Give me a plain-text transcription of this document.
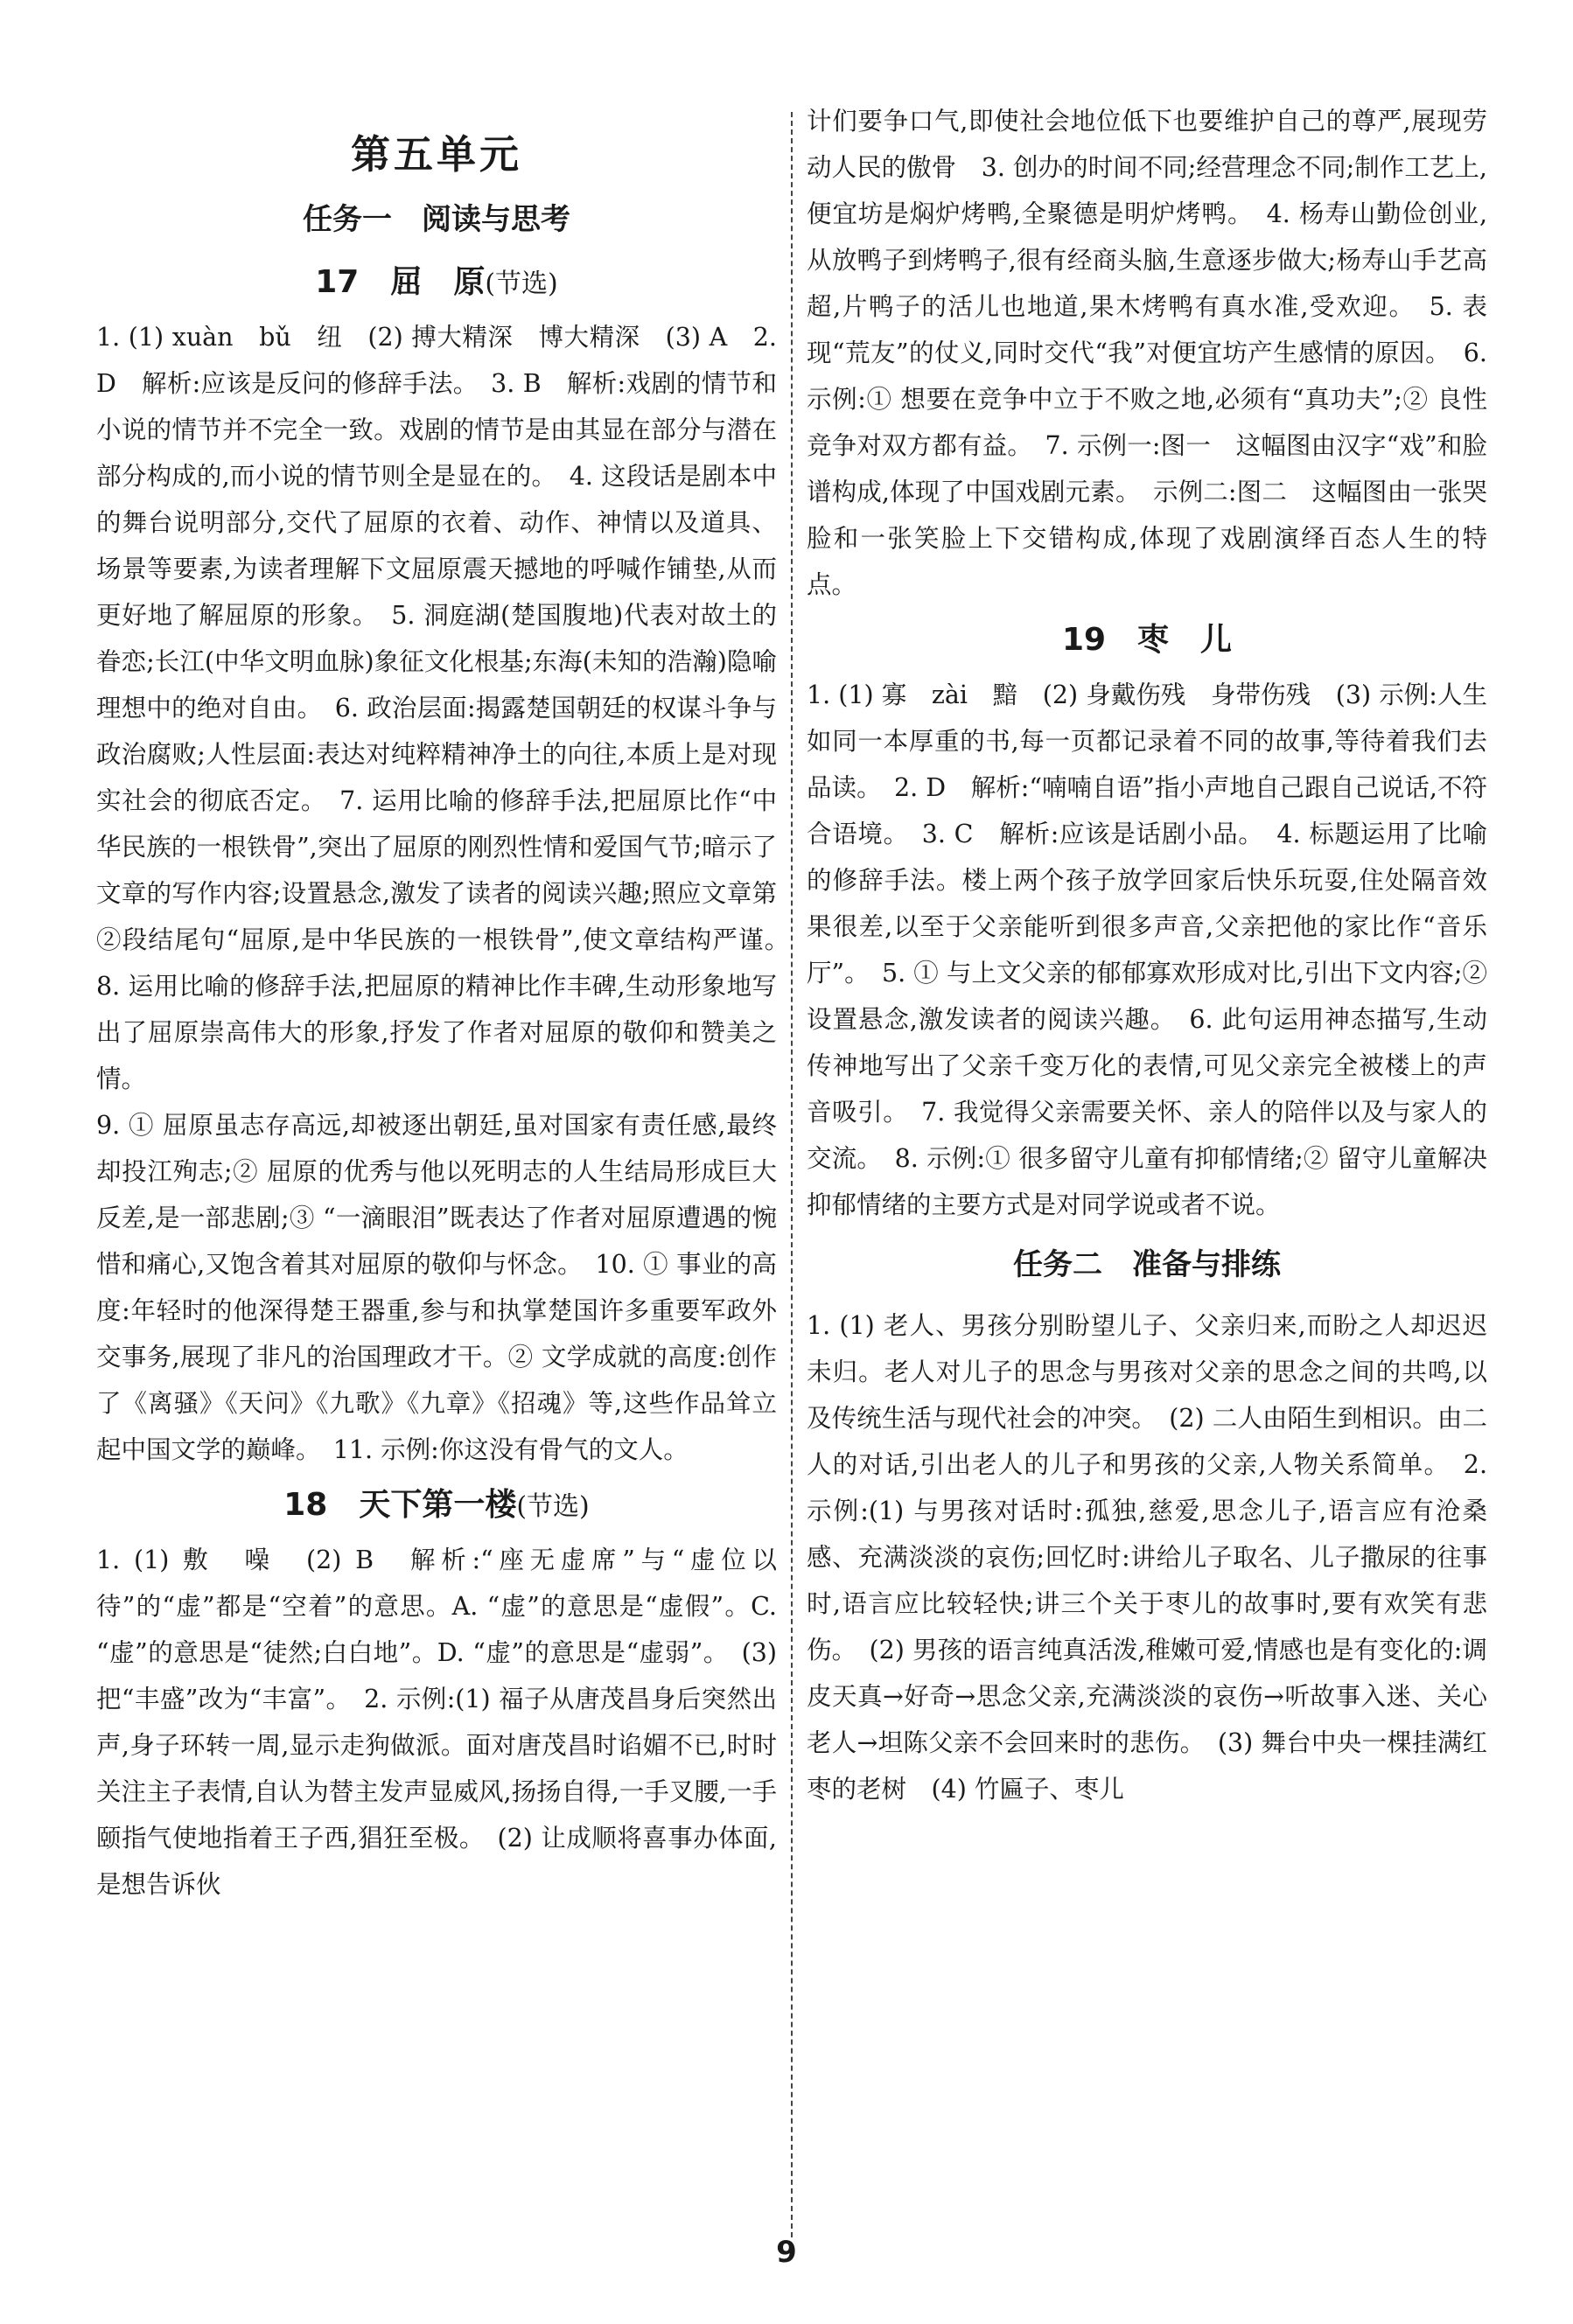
第五单元
任务一　阅读与思考
17 屈　原(节选)

1. (1) xuàn　bǔ　纽　(2) 搏大精深　博大精深　(3) A　2. D　解析:应该是反问的修辞手法。　3. B　解析:戏剧的情节和小说的情节并不完全一致。戏剧的情节是由其显在部分与潜在部分构成的,而小说的情节则全是显在的。　4. 这段话是剧本中的舞台说明部分,交代了屈原的衣着、动作、神情以及道具、场景等要素,为读者理解下文屈原震天撼地的呼喊作铺垫,从而更好地了解屈原的形象。　5. 洞庭湖(楚国腹地)代表对故土的眷恋;长江(中华文明血脉)象征文化根基;东海(未知的浩瀚)隐喻理想中的绝对自由。　6. 政治层面:揭露楚国朝廷的权谋斗争与政治腐败;人性层面:表达对纯粹精神净土的向往,本质上是对现实社会的彻底否定。　7. 运用比喻的修辞手法,把屈原比作“中华民族的一根铁骨”,突出了屈原的刚烈性情和爱国气节;暗示了文章的写作内容;设置悬念,激发了读者的阅读兴趣;照应文章第②段结尾句“屈原,是中华民族的一根铁骨”,使文章结构严谨。　8. 运用比喻的修辞手法,把屈原的精神比作丰碑,生动形象地写出了屈原崇高伟大的形象,抒发了作者对屈原的敬仰和赞美之情。

9. ① 屈原虽志存高远,却被逐出朝廷,虽对国家有责任感,最终却投江殉志;② 屈原的优秀与他以死明志的人生结局形成巨大反差,是一部悲剧;③ “一滴眼泪”既表达了作者对屈原遭遇的惋惜和痛心,又饱含着其对屈原的敬仰与怀念。　10. ① 事业的高度:年轻时的他深得楚王器重,参与和执掌楚国许多重要军政外交事务,展现了非凡的治国理政才干。② 文学成就的高度:创作了《离骚》《天问》《九歌》《九章》《招魂》等,这些作品耸立起中国文学的巅峰。　11. 示例:你这没有骨气的文人。

18 天下第一楼(节选)

1. (1) 敷　噪　(2) B　解析:“座无虚席”与“虚位以待”的“虚”都是“空着”的意思。A. “虚”的意思是“虚假”。C. “虚”的意思是“徒然;白白地”。D. “虚”的意思是“虚弱”。　(3) 把“丰盛”改为“丰富”。　2. 示例:(1) 福子从唐茂昌身后突然出声,身子环转一周,显示走狗做派。面对唐茂昌时谄媚不已,时时关注主子表情,自认为替主发声显威风,扬扬自得,一手叉腰,一手颐指气使地指着王子西,猖狂至极。　(2) 让成顺将喜事办体面,是想告诉伙

计们要争口气,即使社会地位低下也要维护自己的尊严,展现劳动人民的傲骨　3. 创办的时间不同;经营理念不同;制作工艺上,便宜坊是焖炉烤鸭,全聚德是明炉烤鸭。　4. 杨寿山勤俭创业,从放鸭子到烤鸭子,很有经商头脑,生意逐步做大;杨寿山手艺高超,片鸭子的活儿也地道,果木烤鸭有真水准,受欢迎。　5. 表现“荒友”的仗义,同时交代“我”对便宜坊产生感情的原因。　6. 示例:① 想要在竞争中立于不败之地,必须有“真功夫”;② 良性竞争对双方都有益。　7. 示例一:图一　这幅图由汉字“戏”和脸谱构成,体现了中国戏剧元素。　示例二:图二　这幅图由一张哭脸和一张笑脸上下交错构成,体现了戏剧演绎百态人生的特点。

19 枣　儿

1. (1) 寡　zài　黯　(2) 身戴伤残　身带伤残　(3) 示例:人生如同一本厚重的书,每一页都记录着不同的故事,等待着我们去品读。　2. D　解析:“喃喃自语”指小声地自己跟自己说话,不符合语境。　3. C　解析:应该是话剧小品。　4. 标题运用了比喻的修辞手法。楼上两个孩子放学回家后快乐玩耍,住处隔音效果很差,以至于父亲能听到很多声音,父亲把他的家比作“音乐厅”。　5. ① 与上文父亲的郁郁寡欢形成对比,引出下文内容;② 设置悬念,激发读者的阅读兴趣。　6. 此句运用神态描写,生动传神地写出了父亲千变万化的表情,可见父亲完全被楼上的声音吸引。　7. 我觉得父亲需要关怀、亲人的陪伴以及与家人的交流。　8. 示例:① 很多留守儿童有抑郁情绪;② 留守儿童解决抑郁情绪的主要方式是对同学说或者不说。

任务二　准备与排练

1. (1) 老人、男孩分别盼望儿子、父亲归来,而盼之人却迟迟未归。老人对儿子的思念与男孩对父亲的思念之间的共鸣,以及传统生活与现代社会的冲突。　(2) 二人由陌生到相识。由二人的对话,引出老人的儿子和男孩的父亲,人物关系简单。　2. 示例:(1) 与男孩对话时:孤独,慈爱,思念儿子,语言应有沧桑感、充满淡淡的哀伤;回忆时:讲给儿子取名、儿子撒尿的往事时,语言应比较轻快;讲三个关于枣儿的故事时,要有欢笑有悲伤。　(2) 男孩的语言纯真活泼,稚嫩可爱,情感也是有变化的:调皮天真→好奇→思念父亲,充满淡淡的哀伤→听故事入迷、关心老人→坦陈父亲不会回来时的悲伤。　(3) 舞台中央一棵挂满红枣的老树　(4) 竹匾子、枣儿

9
